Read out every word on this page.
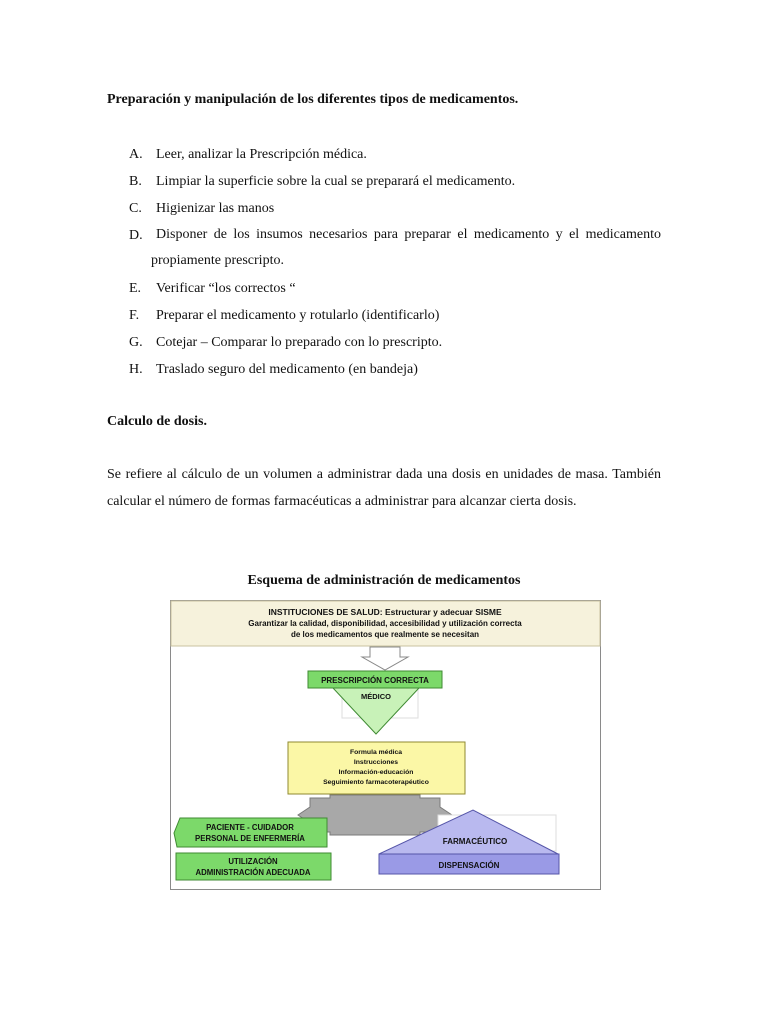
Preparación y manipulación de los diferentes tipos de medicamentos.
A. Leer, analizar la Prescripción médica.
B.	Limpiar la superficie sobre la cual se preparará el medicamento.
C.	Higienizar las manos
D. Disponer de los insumos necesarios para preparar el medicamento y el medicamento propiamente prescripto.
E.	Verificar “los correctos “
F.	Preparar el medicamento y rotularlo (identificarlo)
G. Cotejar – Comparar lo preparado con lo prescripto.
H. Traslado seguro del medicamento (en bandeja)
Calculo de dosis.
Se refiere al cálculo de un volumen a administrar dada una dosis en unidades de masa. También calcular el número de formas farmacéuticas a administrar para alcanzar cierta dosis.
Esquema de administración de medicamentos
INSTITUCIONES DE SALUD: Estructurar y adecuar SISME
Garantizar la calidad, disponibilidad, accesibilidad y utilización correcta
de los medicamentos que realmente se necesitan
PRESCRIPCIÓN CORRECTA
MÉDICO
Formula médica
Instrucciones
Información-educación
Seguimiento farmacoterapéutico
PACIENTE - CUIDADOR
PERSONAL DE ENFERMERÍA
UTILIZACIÓN
ADMINISTRACIÓN ADECUADA
FARMACÉUTICO
DISPENSACIÓN
